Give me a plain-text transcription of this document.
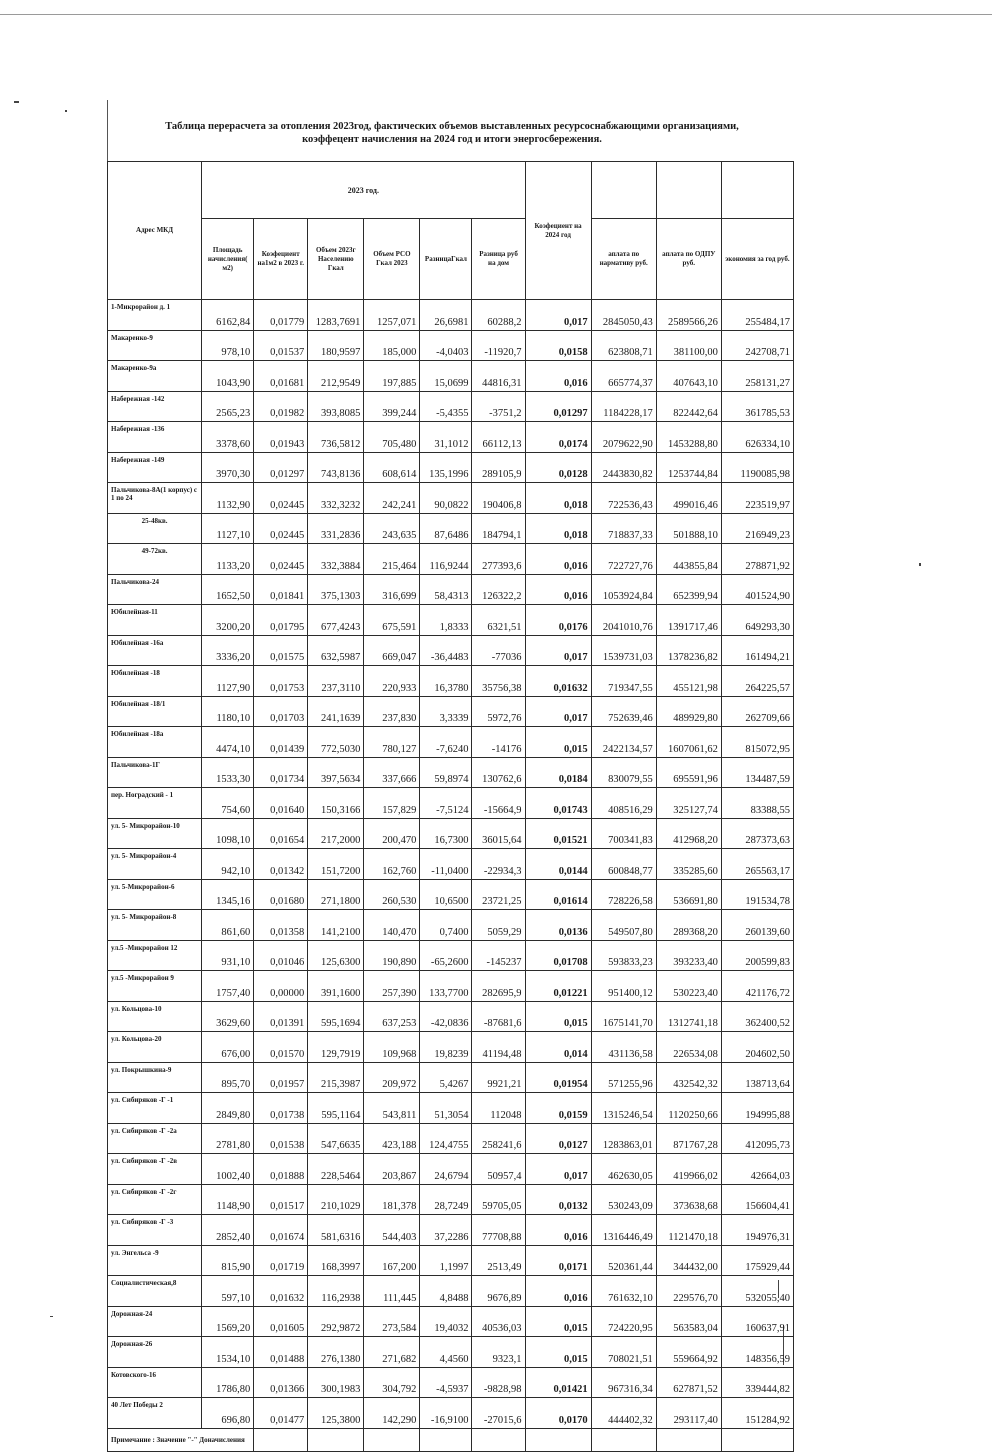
Таблица перерасчета за отопления 2023год, фактических объемов выставленных ресурсоснабжающими организациями,
коэффецент начисления на 2024 год и итоги энергосбережения.
Адрес МКД	2023 год.						Коэфециент на 2024 год			
	Площадь начисления( м2)	Коэфециент на1м2 в 2023 г.	Объем 2023г Населению Гкал	Объем РСО Гкал 2023	РазницаГкал	Разница руб на дом		аплата по нармативу руб.	аплата по ОДПУ руб.	экономия за год руб.
1-Микрорайон д. 1	6162,84	0,01779	1283,7691	1257,071	26,6981	60288,2	0,017	2845050,43	2589566,26	255484,17
Макаренко-9	978,10	0,01537	180,9597	185,000	-4,0403	-11920,7	0,0158	623808,71	381100,00	242708,71
Макаренко-9а	1043,90	0,01681	212,9549	197,885	15,0699	44816,31	0,016	665774,37	407643,10	258131,27
Набережная -142	2565,23	0,01982	393,8085	399,244	-5,4355	-3751,2	0,01297	1184228,17	822442,64	361785,53
Набережная -136	3378,60	0,01943	736,5812	705,480	31,1012	66112,13	0,0174	2079622,90	1453288,80	626334,10
Набережная -149	3970,30	0,01297	743,8136	608,614	135,1996	289105,9	0,0128	2443830,82	1253744,84	1190085,98
Пальчикова-8А(1 корпус) с 1 по 24	1132,90	0,02445	332,3232	242,241	90,0822	190406,8	0,018	722536,43	499016,46	223519,97
25-48кв.	1127,10	0,02445	331,2836	243,635	87,6486	184794,1	0,018	718837,33	501888,10	216949,23
49-72кв.	1133,20	0,02445	332,3884	215,464	116,9244	277393,6	0,016	722727,76	443855,84	278871,92
Пальчикова-24	1652,50	0,01841	375,1303	316,699	58,4313	126322,2	0,016	1053924,84	652399,94	401524,90
Юбилейная-11	3200,20	0,01795	677,4243	675,591	1,8333	6321,51	0,0176	2041010,76	1391717,46	649293,30
Юбилейная -16а	3336,20	0,01575	632,5987	669,047	-36,4483	-77036	0,017	1539731,03	1378236,82	161494,21
Юбилейная -18	1127,90	0,01753	237,3110	220,933	16,3780	35756,38	0,01632	719347,55	455121,98	264225,57
Юбилейная -18/1	1180,10	0,01703	241,1639	237,830	3,3339	5972,76	0,017	752639,46	489929,80	262709,66
Юбилейная -18а	4474,10	0,01439	772,5030	780,127	-7,6240	-14176	0,015	2422134,57	1607061,62	815072,95
Пальчикова-1Г	1533,30	0,01734	397,5634	337,666	59,8974	130762,6	0,0184	830079,55	695591,96	134487,59
пер. Ноградский - 1	754,60	0,01640	150,3166	157,829	-7,5124	-15664,9	0,01743	408516,29	325127,74	83388,55
ул. 5- Микрорайон-10	1098,10	0,01654	217,2000	200,470	16,7300	36015,64	0,01521	700341,83	412968,20	287373,63
ул. 5- Микрорайон-4	942,10	0,01342	151,7200	162,760	-11,0400	-22934,3	0,0144	600848,77	335285,60	265563,17
ул. 5-Микрорайон-6	1345,16	0,01680	271,1800	260,530	10,6500	23721,25	0,01614	728226,58	536691,80	191534,78
ул. 5- Микрорайон-8	861,60	0,01358	141,2100	140,470	0,7400	5059,29	0,0136	549507,80	289368,20	260139,60
ул.5 -Микрорайон 12	931,10	0,01046	125,6300	190,890	-65,2600	-145237	0,01708	593833,23	393233,40	200599,83
ул.5 -Микрорайон 9	1757,40	0,00000	391,1600	257,390	133,7700	282695,9	0,01221	951400,12	530223,40	421176,72
ул. Кольцова-10	3629,60	0,01391	595,1694	637,253	-42,0836	-87681,6	0,015	1675141,70	1312741,18	362400,52
ул. Кольцова-20	676,00	0,01570	129,7919	109,968	19,8239	41194,48	0,014	431136,58	226534,08	204602,50
ул. Покрышкина-9	895,70	0,01957	215,3987	209,972	5,4267	9921,21	0,01954	571255,96	432542,32	138713,64
ул. Сибиряков -Г -1	2849,80	0,01738	595,1164	543,811	51,3054	112048	0,0159	1315246,54	1120250,66	194995,88
ул. Сибиряков -Г -2а	2781,80	0,01538	547,6635	423,188	124,4755	258241,6	0,0127	1283863,01	871767,28	412095,73
ул. Сибиряков -Г -2в	1002,40	0,01888	228,5464	203,867	24,6794	50957,4	0,017	462630,05	419966,02	42664,03
ул. Сибиряков -Г -2г	1148,90	0,01517	210,1029	181,378	28,7249	59705,05	0,0132	530243,09	373638,68	156604,41
ул. Сибиряков -Г -3	2852,40	0,01674	581,6316	544,403	37,2286	77708,88	0,016	1316446,49	1121470,18	194976,31
ул. Энгельса -9	815,90	0,01719	168,3997	167,200	1,1997	2513,49	0,0171	520361,44	344432,00	175929,44
Социалистическая,8	597,10	0,01632	116,2938	111,445	4,8488	9676,89	0,016	761632,10	229576,70	532055,40
Дорожная-24	1569,20	0,01605	292,9872	273,584	19,4032	40536,03	0,015	724220,95	563583,04	160637,91
Дорожная-26	1534,10	0,01488	276,1380	271,682	4,4560	9323,1	0,015	708021,51	559664,92	148356,59
Котовского-16	1786,80	0,01366	300,1983	304,792	-4,5937	-9828,98	0,01421	967316,34	627871,52	339444,82
40 Лет Победы 2	696,80	0,01477	125,3800	142,290	-16,9100	-27015,6	0,0170	444402,32	293117,40	151284,92
Примечание : Значение "-" Доначисления										
